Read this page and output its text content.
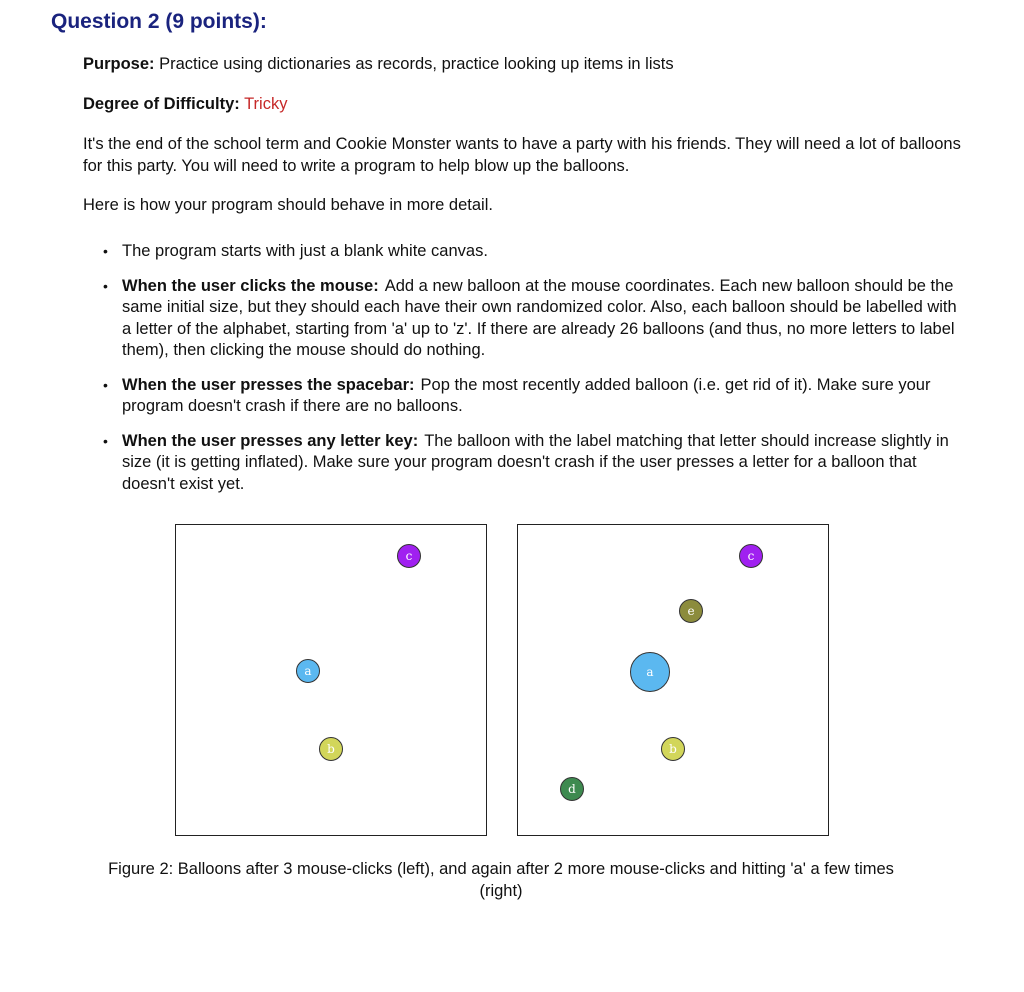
Question 2 (9 points):

Purpose: Practice using dictionaries as records, practice looking up items in lists

Degree of Difficulty: Tricky

It's the end of the school term and Cookie Monster wants to have a party with his friends. They will need a lot of balloons for this party. You will need to write a program to help blow up the balloons.

Here is how your program should behave in more detail.

• The program starts with just a blank white canvas.
• When the user clicks the mouse: Add a new balloon at the mouse coordinates. Each new balloon should be the same initial size, but they should each have their own randomized color. Also, each balloon should be labelled with a letter of the alphabet, starting from 'a' up to 'z'. If there are already 26 balloons (and thus, no more letters to label them), then clicking the mouse should do nothing.
• When the user presses the spacebar: Pop the most recently added balloon (i.e. get rid of it). Make sure your program doesn't crash if there are no balloons.
• When the user presses any letter key: The balloon with the label matching that letter should increase slightly in size (it is getting inflated). Make sure your program doesn't crash if the user presses a letter for a balloon that doesn't exist yet.
a
b
c
a
b
c
d
e

Figure 2: Balloons after 3 mouse-clicks (left), and again after 2 more mouse-clicks and hitting 'a' a few times (right)
